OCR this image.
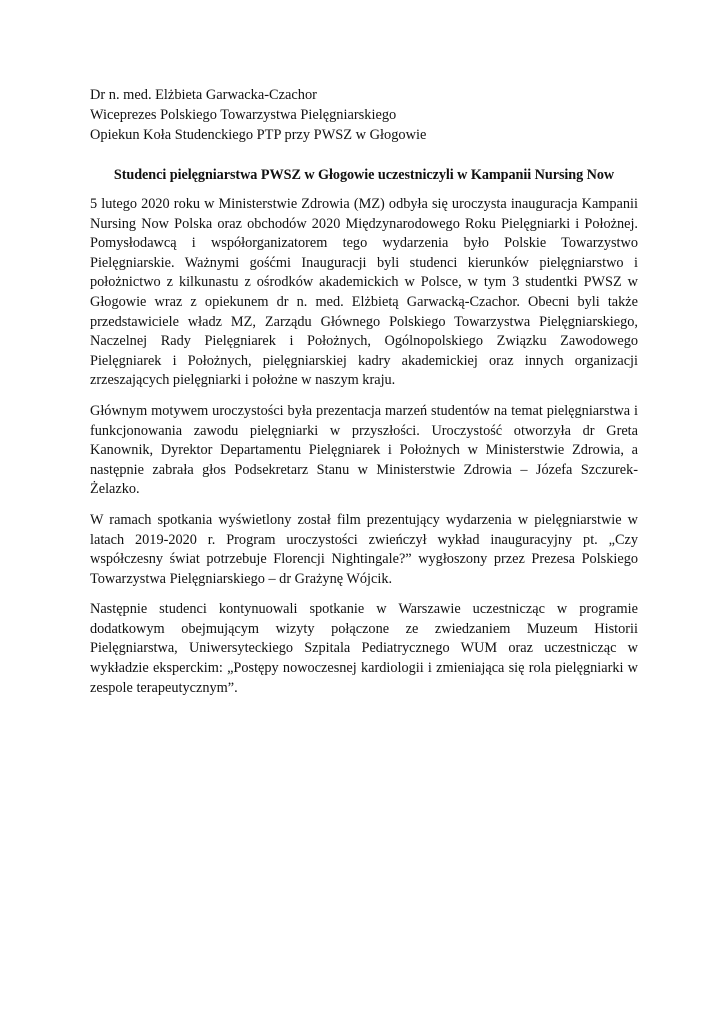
Dr n. med. Elżbieta Garwacka-Czachor
Wiceprezes Polskiego Towarzystwa Pielęgniarskiego
Opiekun Koła Studenckiego PTP przy PWSZ w Głogowie
Studenci pielęgniarstwa PWSZ w Głogowie uczestniczyli w Kampanii Nursing Now

5 lutego 2020 roku w Ministerstwie Zdrowia (MZ) odbyła się uroczysta inauguracja Kampanii Nursing Now Polska oraz obchodów 2020 Międzynarodowego Roku Pielęgniarki i Położnej. Pomysłodawcą i współorganizatorem tego wydarzenia było Polskie Towarzystwo Pielęgniarskie. Ważnymi gośćmi Inauguracji byli studenci kierunków pielęgniarstwo i położnictwo z kilkunastu z ośrodków akademickich w Polsce, w tym 3 studentki PWSZ w Głogowie wraz z opiekunem dr n. med. Elżbietą Garwacką-Czachor. Obecni byli także przedstawiciele władz MZ, Zarządu Głównego Polskiego Towarzystwa Pielęgniarskiego, Naczelnej Rady Pielęgniarek i Położnych, Ogólnopolskiego Związku Zawodowego Pielęgniarek i Położnych, pielęgniarskiej kadry akademickiej oraz innych organizacji zrzeszających pielęgniarki i położne w naszym kraju.

Głównym motywem uroczystości była prezentacja marzeń studentów na temat pielęgniarstwa i funkcjonowania zawodu pielęgniarki w przyszłości. Uroczystość otworzyła dr Greta Kanownik, Dyrektor Departamentu Pielęgniarek i Położnych w Ministerstwie Zdrowia, a następnie zabrała głos Podsekretarz Stanu w Ministerstwie Zdrowia – Józefa Szczurek-Żelazko.

W ramach spotkania wyświetlony został film prezentujący wydarzenia w pielęgniarstwie w latach 2019-2020 r. Program uroczystości zwieńczył wykład inauguracyjny pt. „Czy współczesny świat potrzebuje Florencji Nightingale?” wygłoszony przez Prezesa Polskiego Towarzystwa Pielęgniarskiego – dr Grażynę Wójcik.

Następnie studenci kontynuowali spotkanie w Warszawie uczestnicząc w programie dodatkowym obejmującym wizyty połączone ze zwiedzaniem Muzeum Historii Pielęgniarstwa, Uniwersyteckiego Szpitala Pediatrycznego WUM oraz uczestnicząc w wykładzie eksperckim: „Postępy nowoczesnej kardiologii i zmieniająca się rola pielęgniarki w zespole terapeutycznym”.
